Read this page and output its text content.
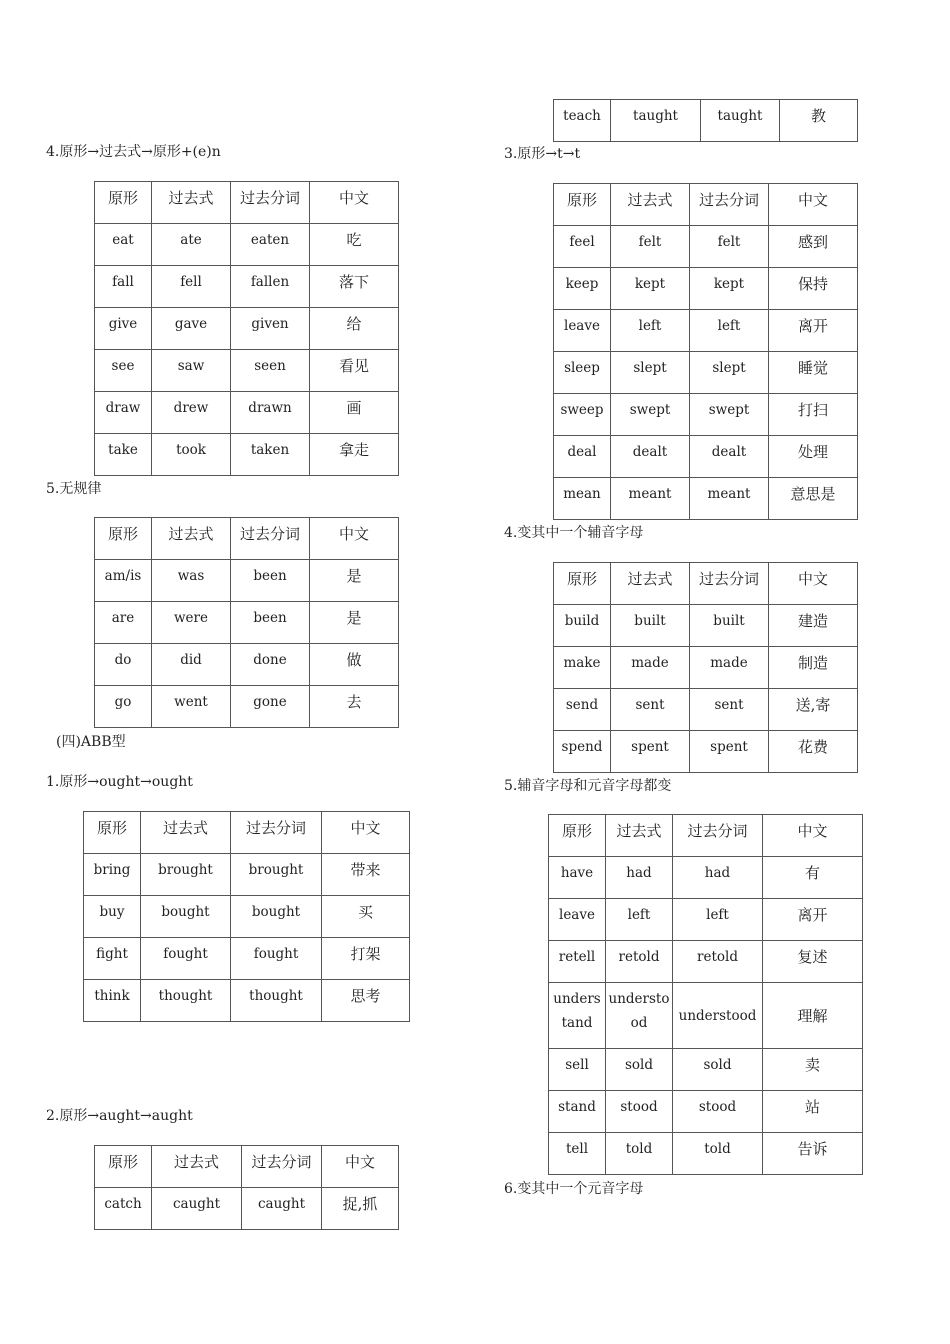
4.原形→过去式→原形+(e)n
原形	过去式	过去分词	中文
eat	ate	eaten	吃
fall	fell	fallen	落下
give	gave	given	给
see	saw	seen	看见
draw	drew	drawn	画
take	took	taken	拿走
5.无规律
原形	过去式	过去分词	中文
am/is	was	been	是
are	were	been	是
do	did	done	做
go	went	gone	去
(四)ABB型
1.原形→ought→ought
原形	过去式	过去分词	中文
bring	brought	brought	带来
buy	bought	bought	买
fight	fought	fought	打架
think	thought	thought	思考
2.原形→aught→aught
原形	过去式	过去分词	中文
catch	caught	caught	捉,抓
teach	taught	taught	教
3.原形→t→t
原形	过去式	过去分词	中文
feel	felt	felt	感到
keep	kept	kept	保持
leave	left	left	离开
sleep	slept	slept	睡觉
sweep	swept	swept	打扫
deal	dealt	dealt	处理
mean	meant	meant	意思是
4.变其中一个辅音字母
原形	过去式	过去分词	中文
build	built	built	建造
make	made	made	制造
send	sent	sent	送,寄
spend	spent	spent	花费
5.辅音字母和元音字母都变
原形	过去式	过去分词	中文
have	had	had	有
leave	left	left	离开
retell	retold	retold	复述
understand	understood	understood	理解
sell	sold	sold	卖
stand	stood	stood	站
tell	told	told	告诉
6.变其中一个元音字母
